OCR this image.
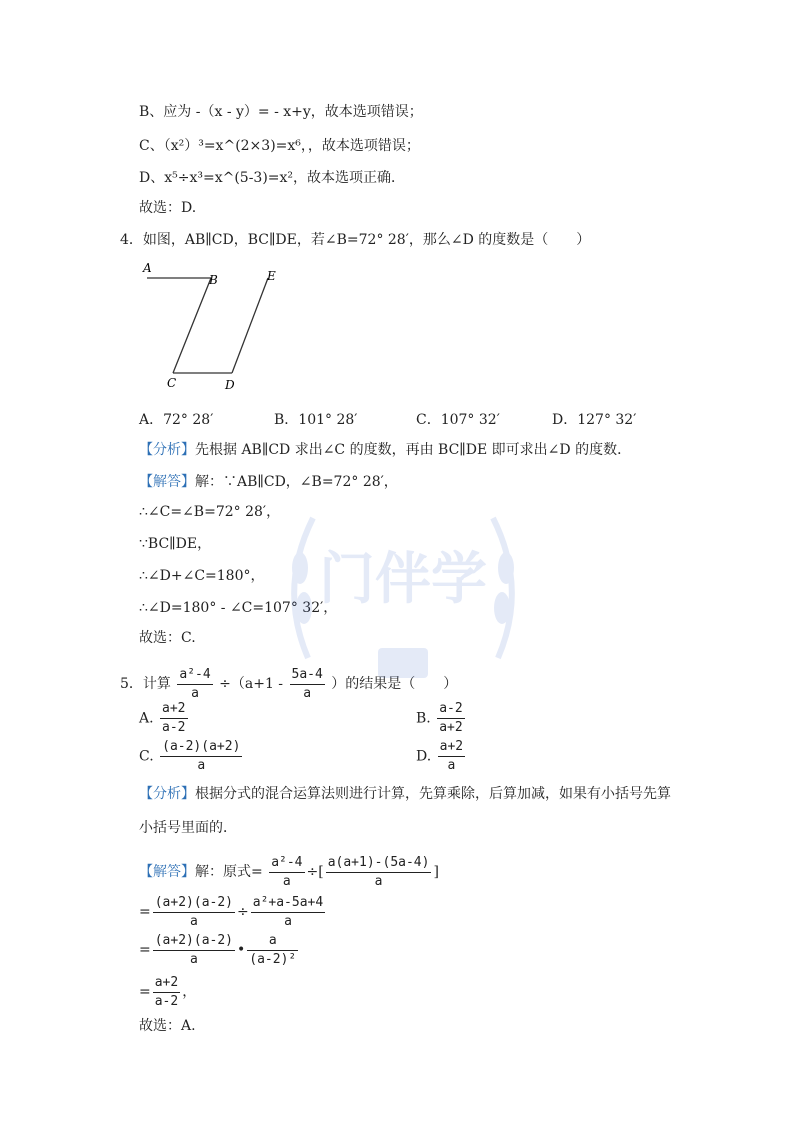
B、应为 -（x - y）= - x+y，故本选项错误；
C、（x²）³=x^(2×3)=x⁶，，故本选项错误；
D、x⁵÷x³=x^(5-3)=x²，故本选项正确．
故选：D.
4．如图，AB∥CD，BC∥DE，若∠B=72° 28′，那么∠D 的度数是（　　）
A
B	E
C	D
A．72° 28′	B．101° 28′	C．107° 32′	D．127° 32′
【分析】先根据 AB∥CD 求出∠C 的度数，再由 BC∥DE 即可求出∠D 的度数．
【解答】解：∵AB∥CD，∠B=72° 28′，
∴∠C=∠B=72° 28′，
∵BC∥DE，
∴∠D+∠C=180°，
∴∠D=180° - ∠C=107° 32′，
故选：C.
5．计算 $\frac{\text{a²-4}}{a} \div(a+1 - \frac{5a-4}{a}$ ）的结果是（　　）
A. $\frac{a+2}{a-2}$	B. $\frac{a-2}{a+2}$
C. $\frac{(a-2)(a+2)}{a}$	D. $\frac{a+2}{a}$
【分析】根据分式的混合运算法则进行计算，先算乘除，后算加减，如果有小括号先算
小括号里面的．
【解答】解：原式= $\frac{\text{a²-4}}{a}$ ÷[ $\frac{a(a+1)-(5a-4)}{a}$ ]
= $\frac{(a+2)(a-2)}{a} \div \frac{\text{a²+a-5a+4}}{a}$
= $\frac{(a+2)(a-2)}{a}$ • $\frac{a}{\text{(a-2)²}}$
= $\frac{a+2}{a-2}$ ，
故选：A.
门伴学
